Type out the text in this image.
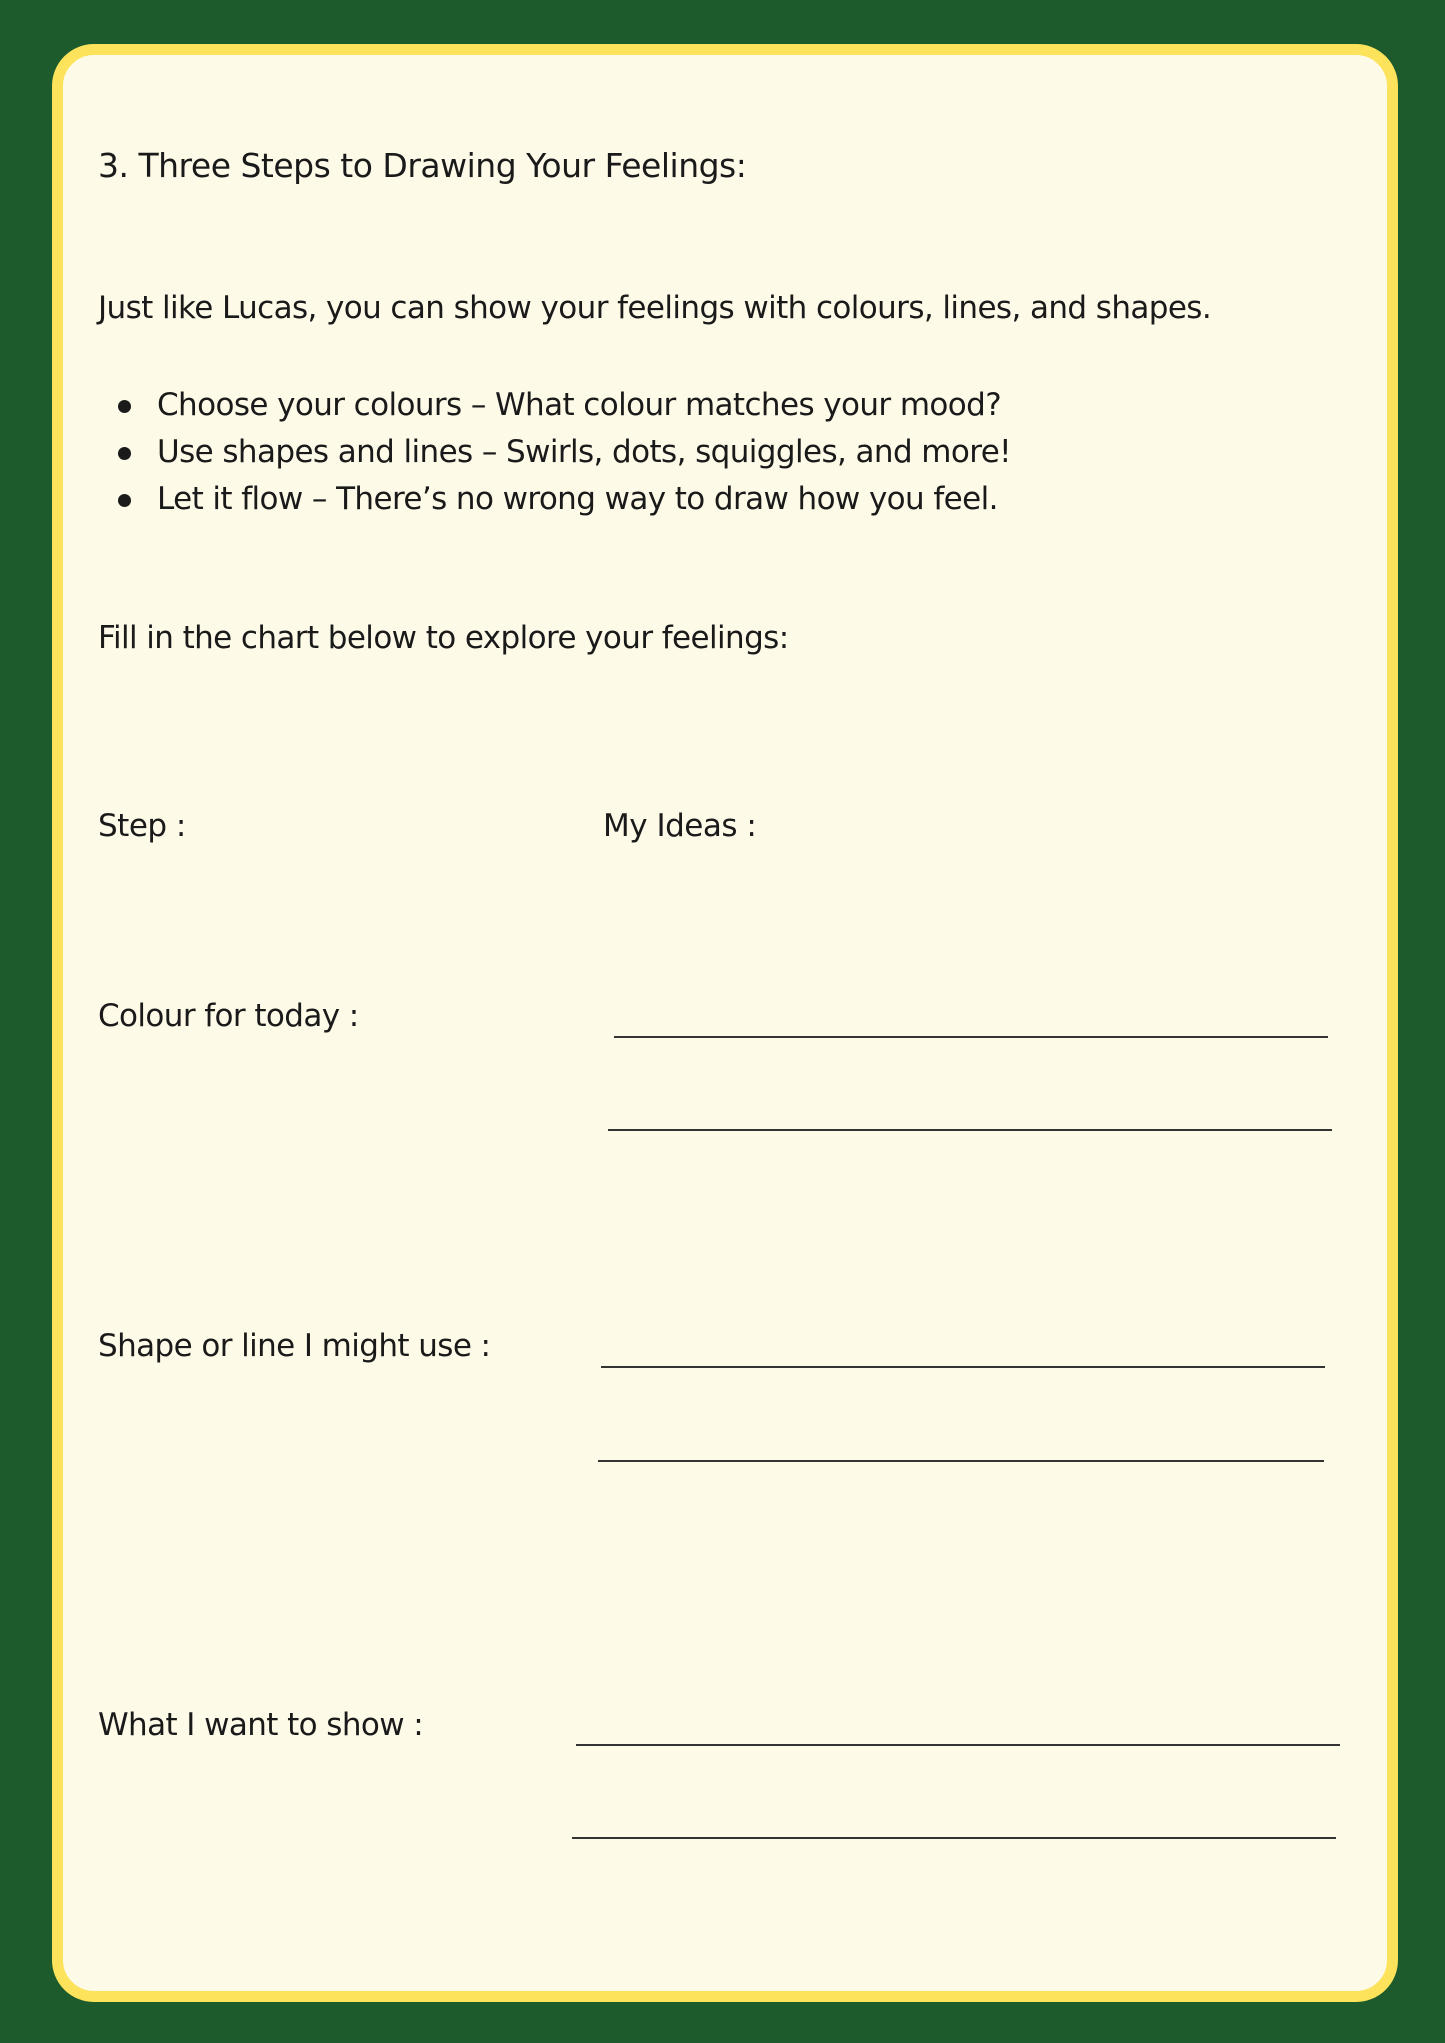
3. Three Steps to Drawing Your Feelings:

Just like Lucas, you can show your feelings with colours, lines, and shapes.

Choose your colours – What colour matches your mood?
Use shapes and lines – Swirls, dots, squiggles, and more!
Let it flow – There’s no wrong way to draw how you feel.

Fill in the chart below to explore your feelings:

Step :	My Ideas :
Colour for today :
Shape or line I might use :
What I want to show :
